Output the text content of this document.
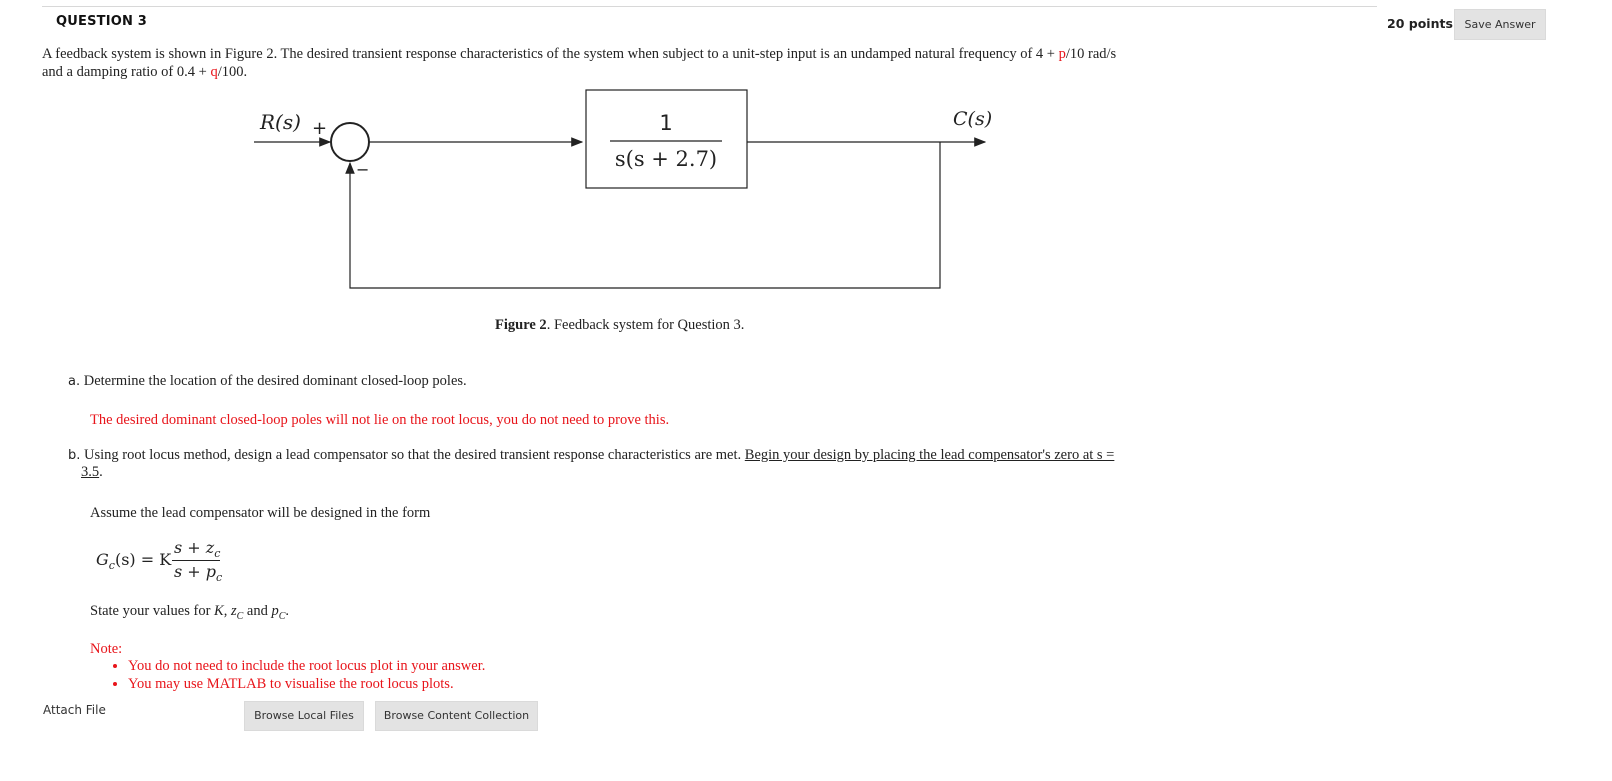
QUESTION 3	20 points	Save Answer
A feedback system is shown in Figure 2. The desired transient response characteristics of the system when subject to a unit-step input is an undamped natural frequency of 4 + p/10 rad/s
and a damping ratio of 0.4 + q/100.
R(s) +
−
1
s(s + 2.7)
C(s)
Figure 2. Feedback system for Question 3.
a. Determine the location of the desired dominant closed-loop poles.
The desired dominant closed-loop poles will not lie on the root locus, you do not need to prove this.
b. Using root locus method, design a lead compensator so that the desired transient response characteristics are met. Begin your design by placing the lead compensator's zero at s =
3.5.
Assume the lead compensator will be designed in the form
$G_c(s) = K$
$s + z_c$
$s + p_c$
State your values for K, $z_C$ and $p_C$.
Note:
• You do not need to include the root locus plot in your answer.
• You may use MATLAB to visualise the root locus plots.
Attach File	Browse Local Files	Browse Content Collection
